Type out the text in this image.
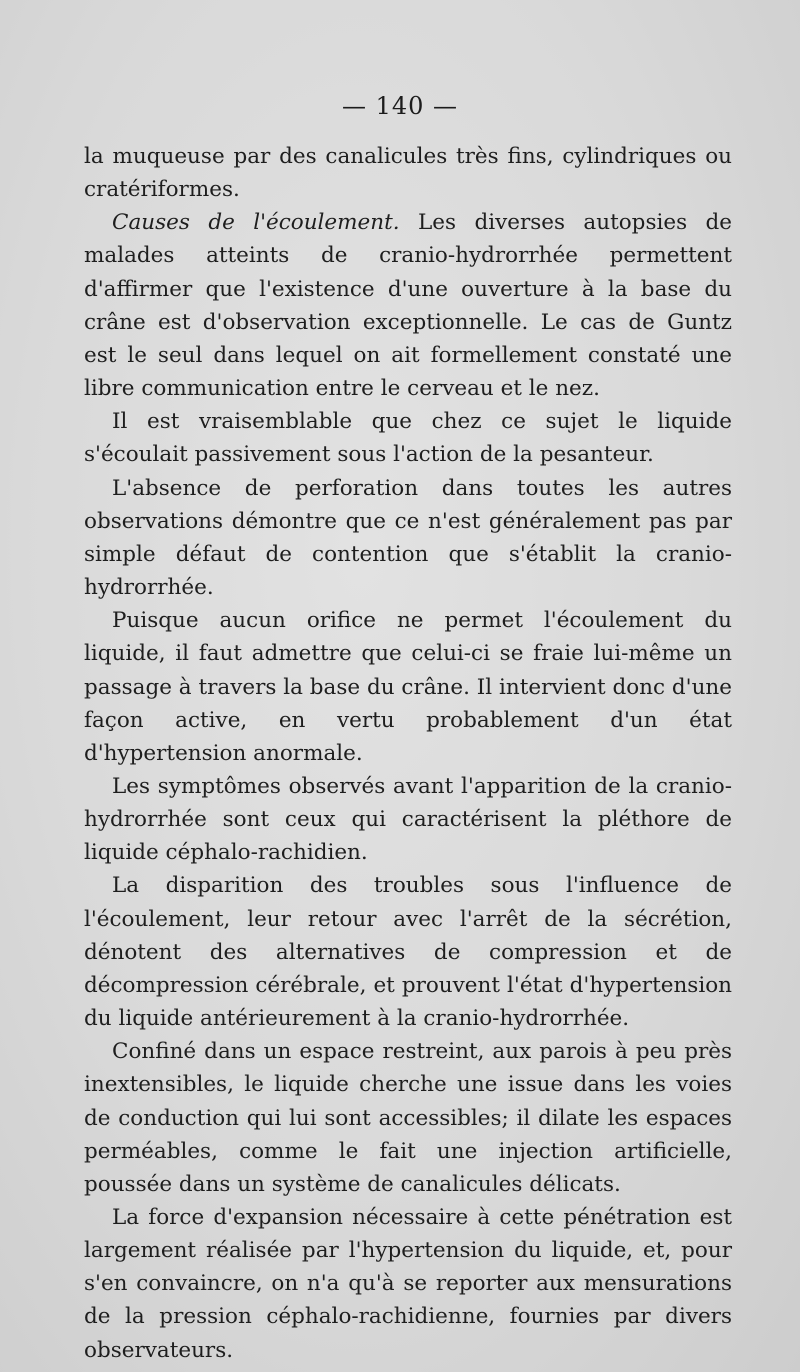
— 140 —

la muqueuse par des canalicules très fins, cylindriques ou cratériformes.

Causes de l'écoulement. Les diverses autopsies de malades atteints de cranio-hydrorrhée permettent d'affirmer que l'existence d'une ouverture à la base du crâne est d'observation exceptionnelle. Le cas de Guntz est le seul dans lequel on ait formellement constaté une libre communication entre le cerveau et le nez.

Il est vraisemblable que chez ce sujet le liquide s'écoulait passivement sous l'action de la pesanteur.

L'absence de perforation dans toutes les autres observations démontre que ce n'est généralement pas par simple défaut de contention que s'établit la cranio-hydrorrhée.

Puisque aucun orifice ne permet l'écoulement du liquide, il faut admettre que celui-ci se fraie lui-même un passage à travers la base du crâne. Il intervient donc d'une façon active, en vertu probablement d'un état d'hypertension anormale.

Les symptômes observés avant l'apparition de la cranio-hydrorrhée sont ceux qui caractérisent la pléthore de liquide céphalo-rachidien.

La disparition des troubles sous l'influence de l'écoulement, leur retour avec l'arrêt de la sécrétion, dénotent des alternatives de compression et de décompression cérébrale, et prouvent l'état d'hypertension du liquide antérieurement à la cranio-hydrorrhée.

Confiné dans un espace restreint, aux parois à peu près inextensibles, le liquide cherche une issue dans les voies de conduction qui lui sont accessibles; il dilate les espaces perméables, comme le fait une injection artificielle, poussée dans un système de canalicules délicats.

La force d'expansion nécessaire à cette pénétration est largement réalisée par l'hypertension du liquide, et, pour s'en convaincre, on n'a qu'à se reporter aux mensurations de la pression céphalo-rachidienne, fournies par divers observateurs.
